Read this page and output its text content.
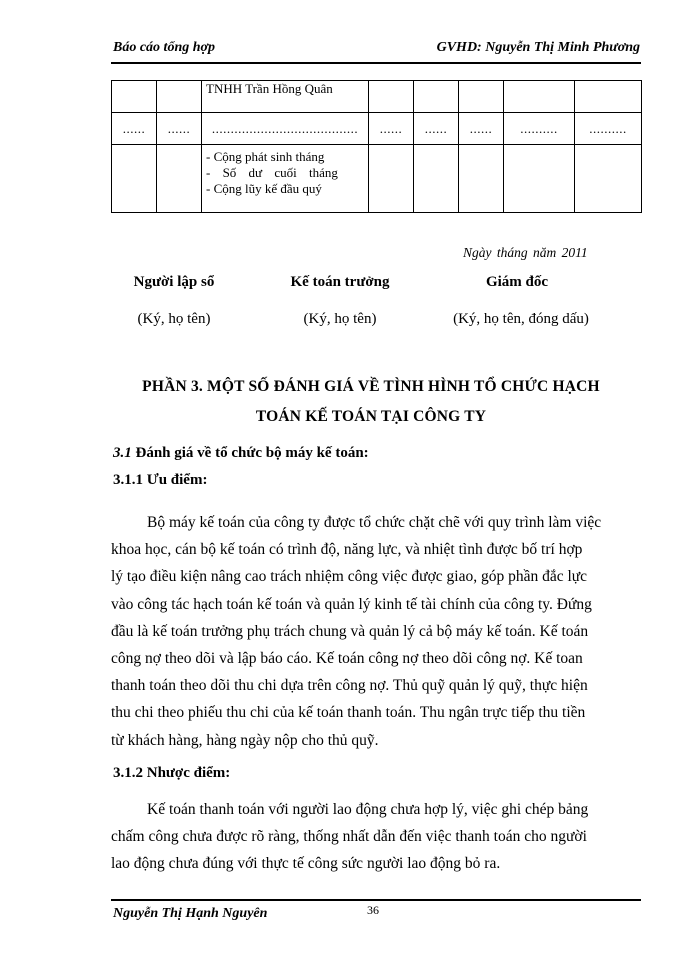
Báo cáo tổng hợp	GVHD: Nguyễn Thị Minh Phương
		TNHH Trần Hồng Quân					
......	......	.......................................	......	......	......	..........	..........

		- Cộng phát sinh tháng
- Số dư cuối tháng
- Cộng lũy kế đầu quý					

Ngày tháng năm 2011
Người lập sổ	Kế toán trưởng	Giám đốc
(Ký, họ tên)	(Ký, họ tên)	(Ký, họ tên, đóng dấu)
PHẦN 3. MỘT SỐ ĐÁNH GIÁ VỀ TÌNH HÌNH TỔ CHỨC HẠCH
TOÁN KẾ TOÁN TẠI CÔNG TY
3.1 Đánh giá về tổ chức bộ máy kế toán:
3.1.1 Ưu điểm:
Bộ máy kế toán của công ty được tổ chức chặt chẽ với quy trình làm việc
khoa học, cán bộ kế toán có trình độ, năng lực, và nhiệt tình được bố trí hợp
lý tạo điều kiện nâng cao trách nhiệm công việc được giao, góp phần đắc lực
vào công tác hạch toán kế toán và quản lý kinh tế tài chính của công ty. Đứng
đầu là kế toán trưởng phụ trách chung và quản lý cả bộ máy kế toán. Kế toán
công nợ theo dõi và lập báo cáo. Kế toán công nợ theo dõi công nợ. Kế toan
thanh toán theo dõi thu chi dựa trên công nợ. Thủ quỹ quản lý quỹ, thực hiện
thu chi theo phiếu thu chi của kế toán thanh toán. Thu ngân trực tiếp thu tiền
từ khách hàng, hàng ngày nộp cho thủ quỹ.
3.1.2 Nhược điểm:
Kế toán thanh toán với người lao động chưa hợp lý, việc ghi chép bảng
chấm công chưa được rõ ràng, thống nhất dẫn đến việc thanh toán cho người
lao động chưa đúng với thực tế công sức người lao động bỏ ra.
Nguyễn Thị Hạnh Nguyên	36
